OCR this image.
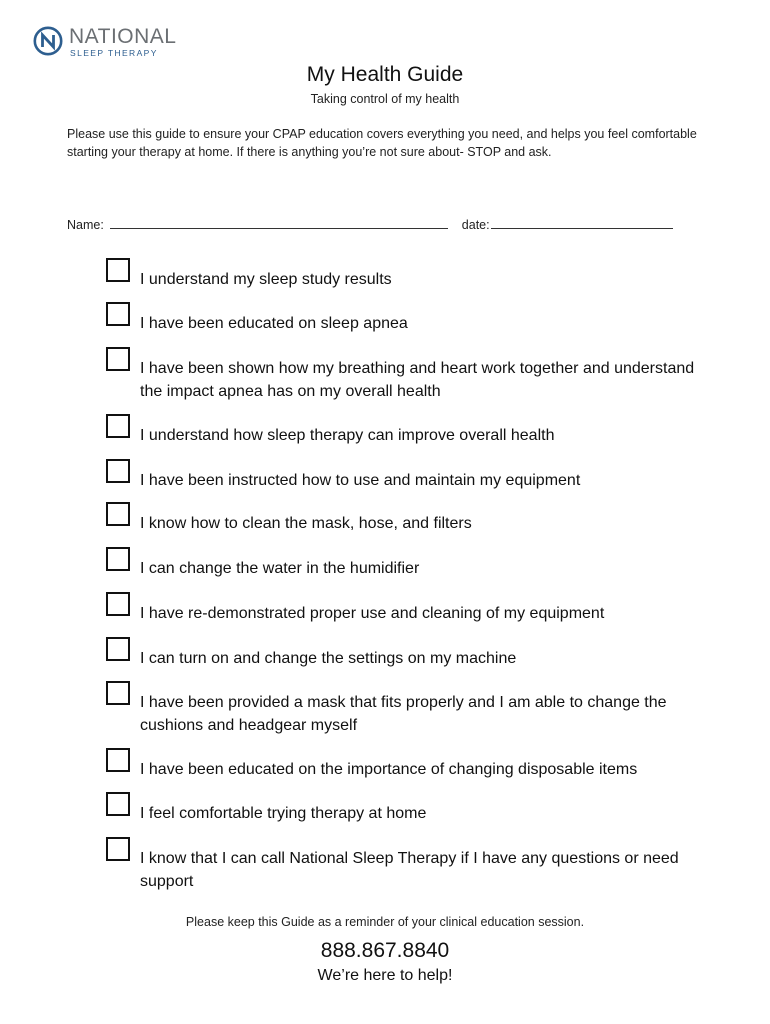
NATIONAL
SLEEP THERAPY
My Health Guide
Taking control of my health
Please use this guide to ensure your CPAP education covers everything you need, and helps you feel comfortable starting your therapy at home. If there is anything you’re not sure about- STOP and ask.
Name:	date:
I understand my sleep study results
I have been educated on sleep apnea
I have been shown how my breathing and heart work together and understand the impact apnea has on my overall health
I understand how sleep therapy can improve overall health
I have been instructed how to use and maintain my equipment
I know how to clean the mask, hose, and filters
I can change the water in the humidifier
I have re-demonstrated proper use and cleaning of my equipment
I can turn on and change the settings on my machine
I have been provided a mask that fits properly and I am able to change the cushions and headgear myself
I have been educated on the importance of changing disposable items
I feel comfortable trying therapy at home
I know that I can call National Sleep Therapy if I have any questions or need support
Please keep this Guide as a reminder of your clinical education session.
888.867.8840
We’re here to help!
